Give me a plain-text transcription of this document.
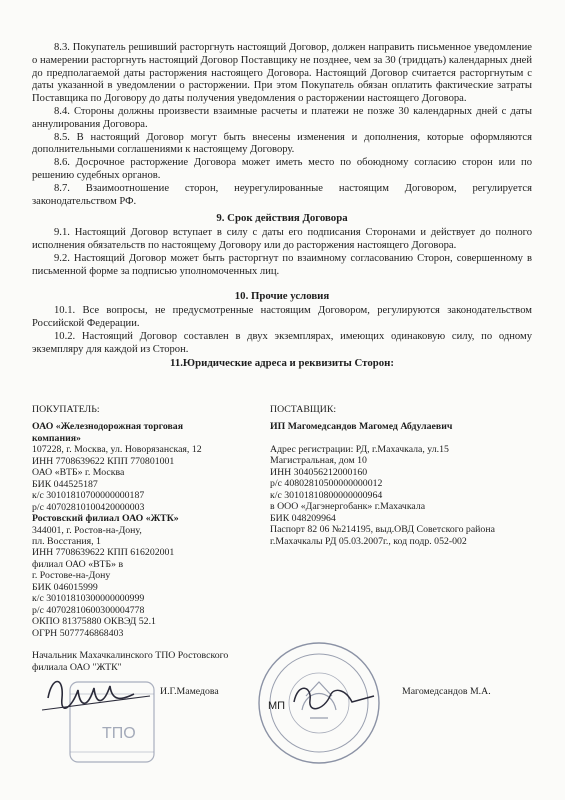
8.3. Покупатель решивший расторгнуть настоящий Договор, должен направить письменное уведомление о намерении расторгнуть настоящий Договор Поставщику не позднее, чем за 30 (тридцать) календарных дней до предполагаемой даты расторжения настоящего Договора. Настоящий Договор считается расторгнутым с даты указанной в уведомлении о расторжении. При этом Покупатель обязан оплатить фактические затраты Поставщика по Договору до даты получения уведомления о расторжении настоящего Договора.

8.4. Стороны должны произвести взаимные расчеты и платежи не позже 30 календарных дней с даты аннулирования Договора.

8.5. В настоящий Договор могут быть внесены изменения и дополнения, которые оформляются дополнительными соглашениями к настоящему Договору.

8.6. Досрочное расторжение Договора может иметь место по обоюдному согласию сторон или по решению судебных органов.

8.7. Взаимоотношение сторон, неурегулированные настоящим Договором, регулируется законодательством РФ.

9. Срок действия Договора

9.1. Настоящий Договор вступает в силу с даты его подписания Сторонами и действует до полного исполнения обязательств по настоящему Договору или до расторжения настоящего Договора.

9.2. Настоящий Договор может быть расторгнут по взаимному согласованию Сторон, совершенному в письменной форме за подписью уполномоченных лиц.

10. Прочие условия

10.1. Все вопросы, не предусмотренные настоящим Договором, регулируются законодательством Российской Федерации.

10.2. Настоящий Договор составлен в двух экземплярах, имеющих одинаковую силу, по одному экземпляру для каждой из Сторон.

11.Юридические адреса и реквизиты Сторон:
ПОКУПАТЕЛЬ:
ОАО «Железнодорожная торговая
компания»
107228, г. Москва, ул. Новорязанская, 12
ИНН 7708639622 КПП 770801001
ОАО «ВТБ» г. Москва
БИК 044525187
к/с 30101810700000000187
р/с 40702810100420000003
Ростовский филиал ОАО «ЖТК»
344001, г. Ростов-на-Дону,
пл. Восстания, 1
ИНН 7708639622 КПП 616202001
филиал ОАО «ВТБ» в
г. Ростове-на-Дону
БИК 046015999
к/с 30101810300000000999
р/с 40702810600300004778
ОКПО 81375880 ОКВЭД 52.1
ОГРН 5077746868403
Начальник Махачкалинского ТПО Ростовского
филиала ОАО "ЖТК"
ПОСТАВЩИК:
ИП Магомедсандов Магомед Абдулаевич
Адрес регистрации: РД, г.Махачкала, ул.15
Магистральная, дом 10
ИНН 304056212000160
р/с 40802810500000000012
к/с 30101810800000000964
в ООО «Дагэнергобанк» г.Махачкала
БИК 048209964
Паспорт 82 06 №214195, выд.ОВД Советского района
г.Махачкалы РД 05.03.2007г., код подр. 052-002
ТПО
И.Г.Мамедова
МП
Магомедсандов М.А.
